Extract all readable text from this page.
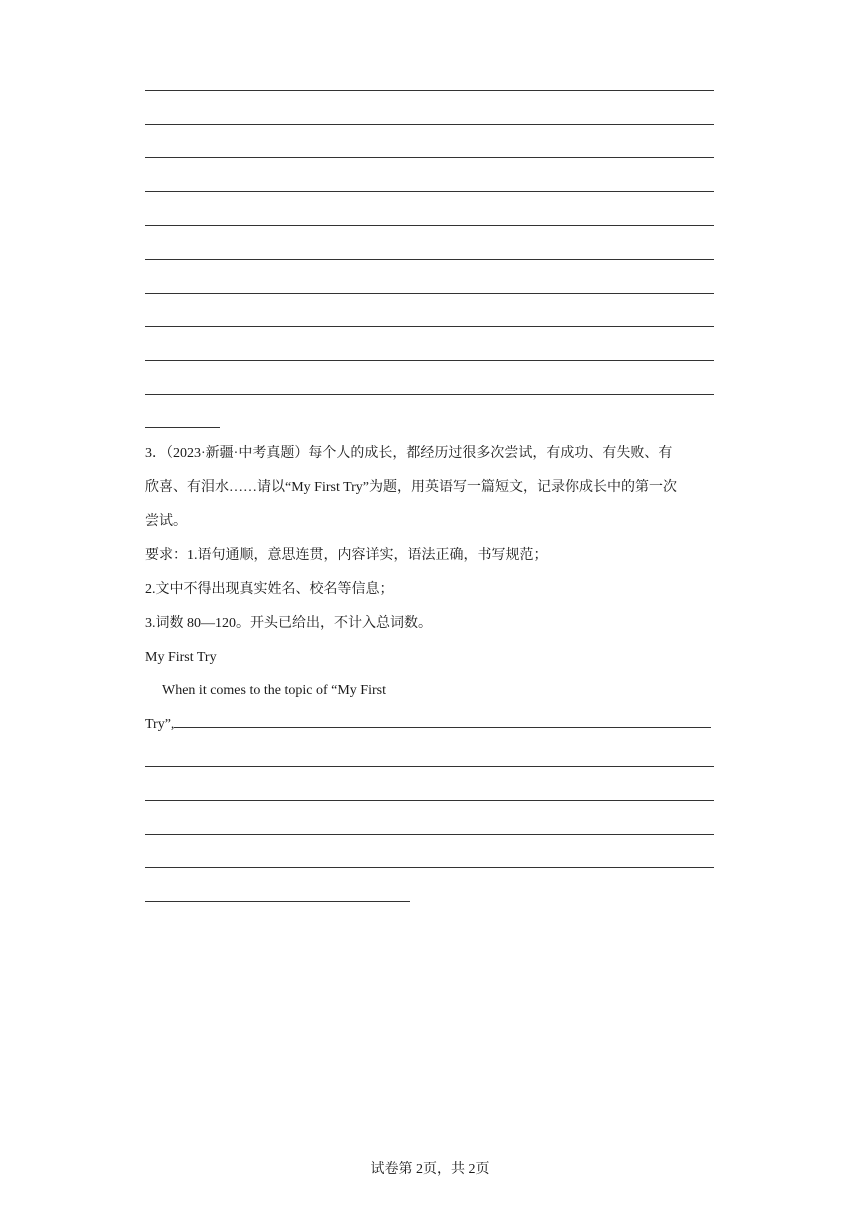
3．（2023·新疆·中考真题）每个人的成长，都经历过很多次尝试，有成功、有失败、有
欣喜、有泪水……请以“My First Try”为题，用英语写一篇短文，记录你成长中的第一次
尝试。
要求：1.语句通顺，意思连贯，内容详实，语法正确，书写规范；
2.文中不得出现真实姓名、校名等信息；
3.词数 80—120。开头已给出，不计入总词数。
My First Try
When it comes to the topic of “My First
Try”,
试卷第 2页，共 2页
